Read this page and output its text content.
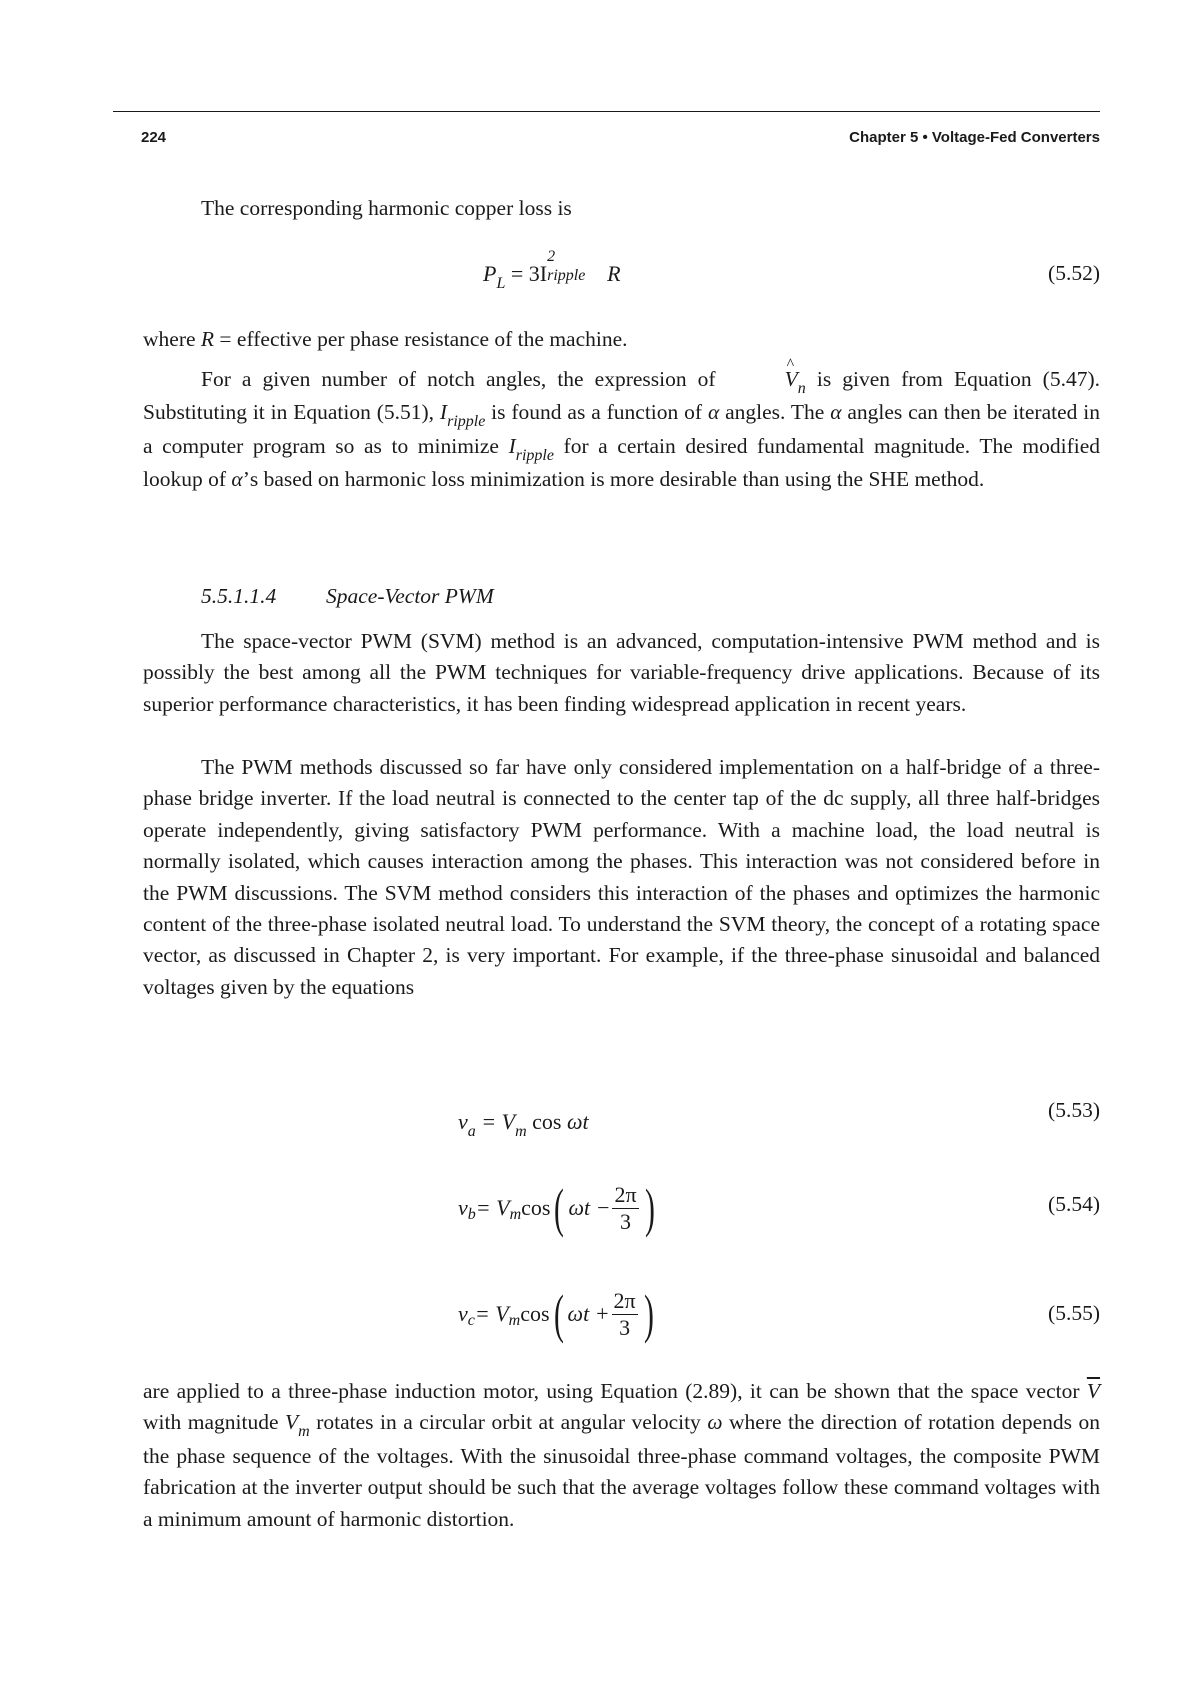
224	Chapter 5 • Voltage-Fed Converters

The corresponding harmonic copper loss is

$P_L = 3I$
2
ripple R	(5.52)

where R = effective per phase resistance of the machine.

For a given number of notch angles, the expression of	^ $V_n$ is given from Equation (5.47). Substituting it in Equation (5.51), $I_{ripple}$ is found as a function of α angles. The α angles can then be iterated in a computer program so as to minimize $I_{ripple}$ for a certain desired fundamental magnitude. The modified lookup of α’s based on harmonic loss minimization is more desirable than using the SHE method.

5.5.1.1.4 Space-Vector PWM

The space-vector PWM (SVM) method is an advanced, computation-intensive PWM method and is possibly the best among all the PWM techniques for variable-frequency drive applications. Because of its superior performance characteristics, it has been finding widespread application in recent years.

The PWM methods discussed so far have only considered implementation on a half-bridge of a three-phase bridge inverter. If the load neutral is connected to the center tap of the dc supply, all three half-bridges operate independently, giving satisfactory PWM performance. With a machine load, the load neutral is normally isolated, which causes interaction among the phases. This interaction was not considered before in the PWM discussions. The SVM method considers this interaction of the phases and optimizes the harmonic content of the three-phase isolated neutral load. To understand the SVM theory, the concept of a rotating space vector, as discussed in Chapter 2, is very important. For example, if the three-phase sinusoidal and balanced voltages given by the equations

$v_a = V_m$ cos ωt	(5.53)
v b = V m cos ( $\omega t - \frac{2\pi}{3}$ )	(5.54)
v c = V m cos ( $\omega t + \frac{2\pi}{3}$ )	(5.55)

are applied to a three-phase induction motor, using Equation (2.89), it can be shown that the space vector $\overline{V}$ with magnitude $V_m$ rotates in a circular orbit at angular velocity ω where the direction of rotation depends on the phase sequence of the voltages. With the sinusoidal three-phase command voltages, the composite PWM fabrication at the inverter output should be such that the average voltages follow these command voltages with a minimum amount of harmonic distortion.
